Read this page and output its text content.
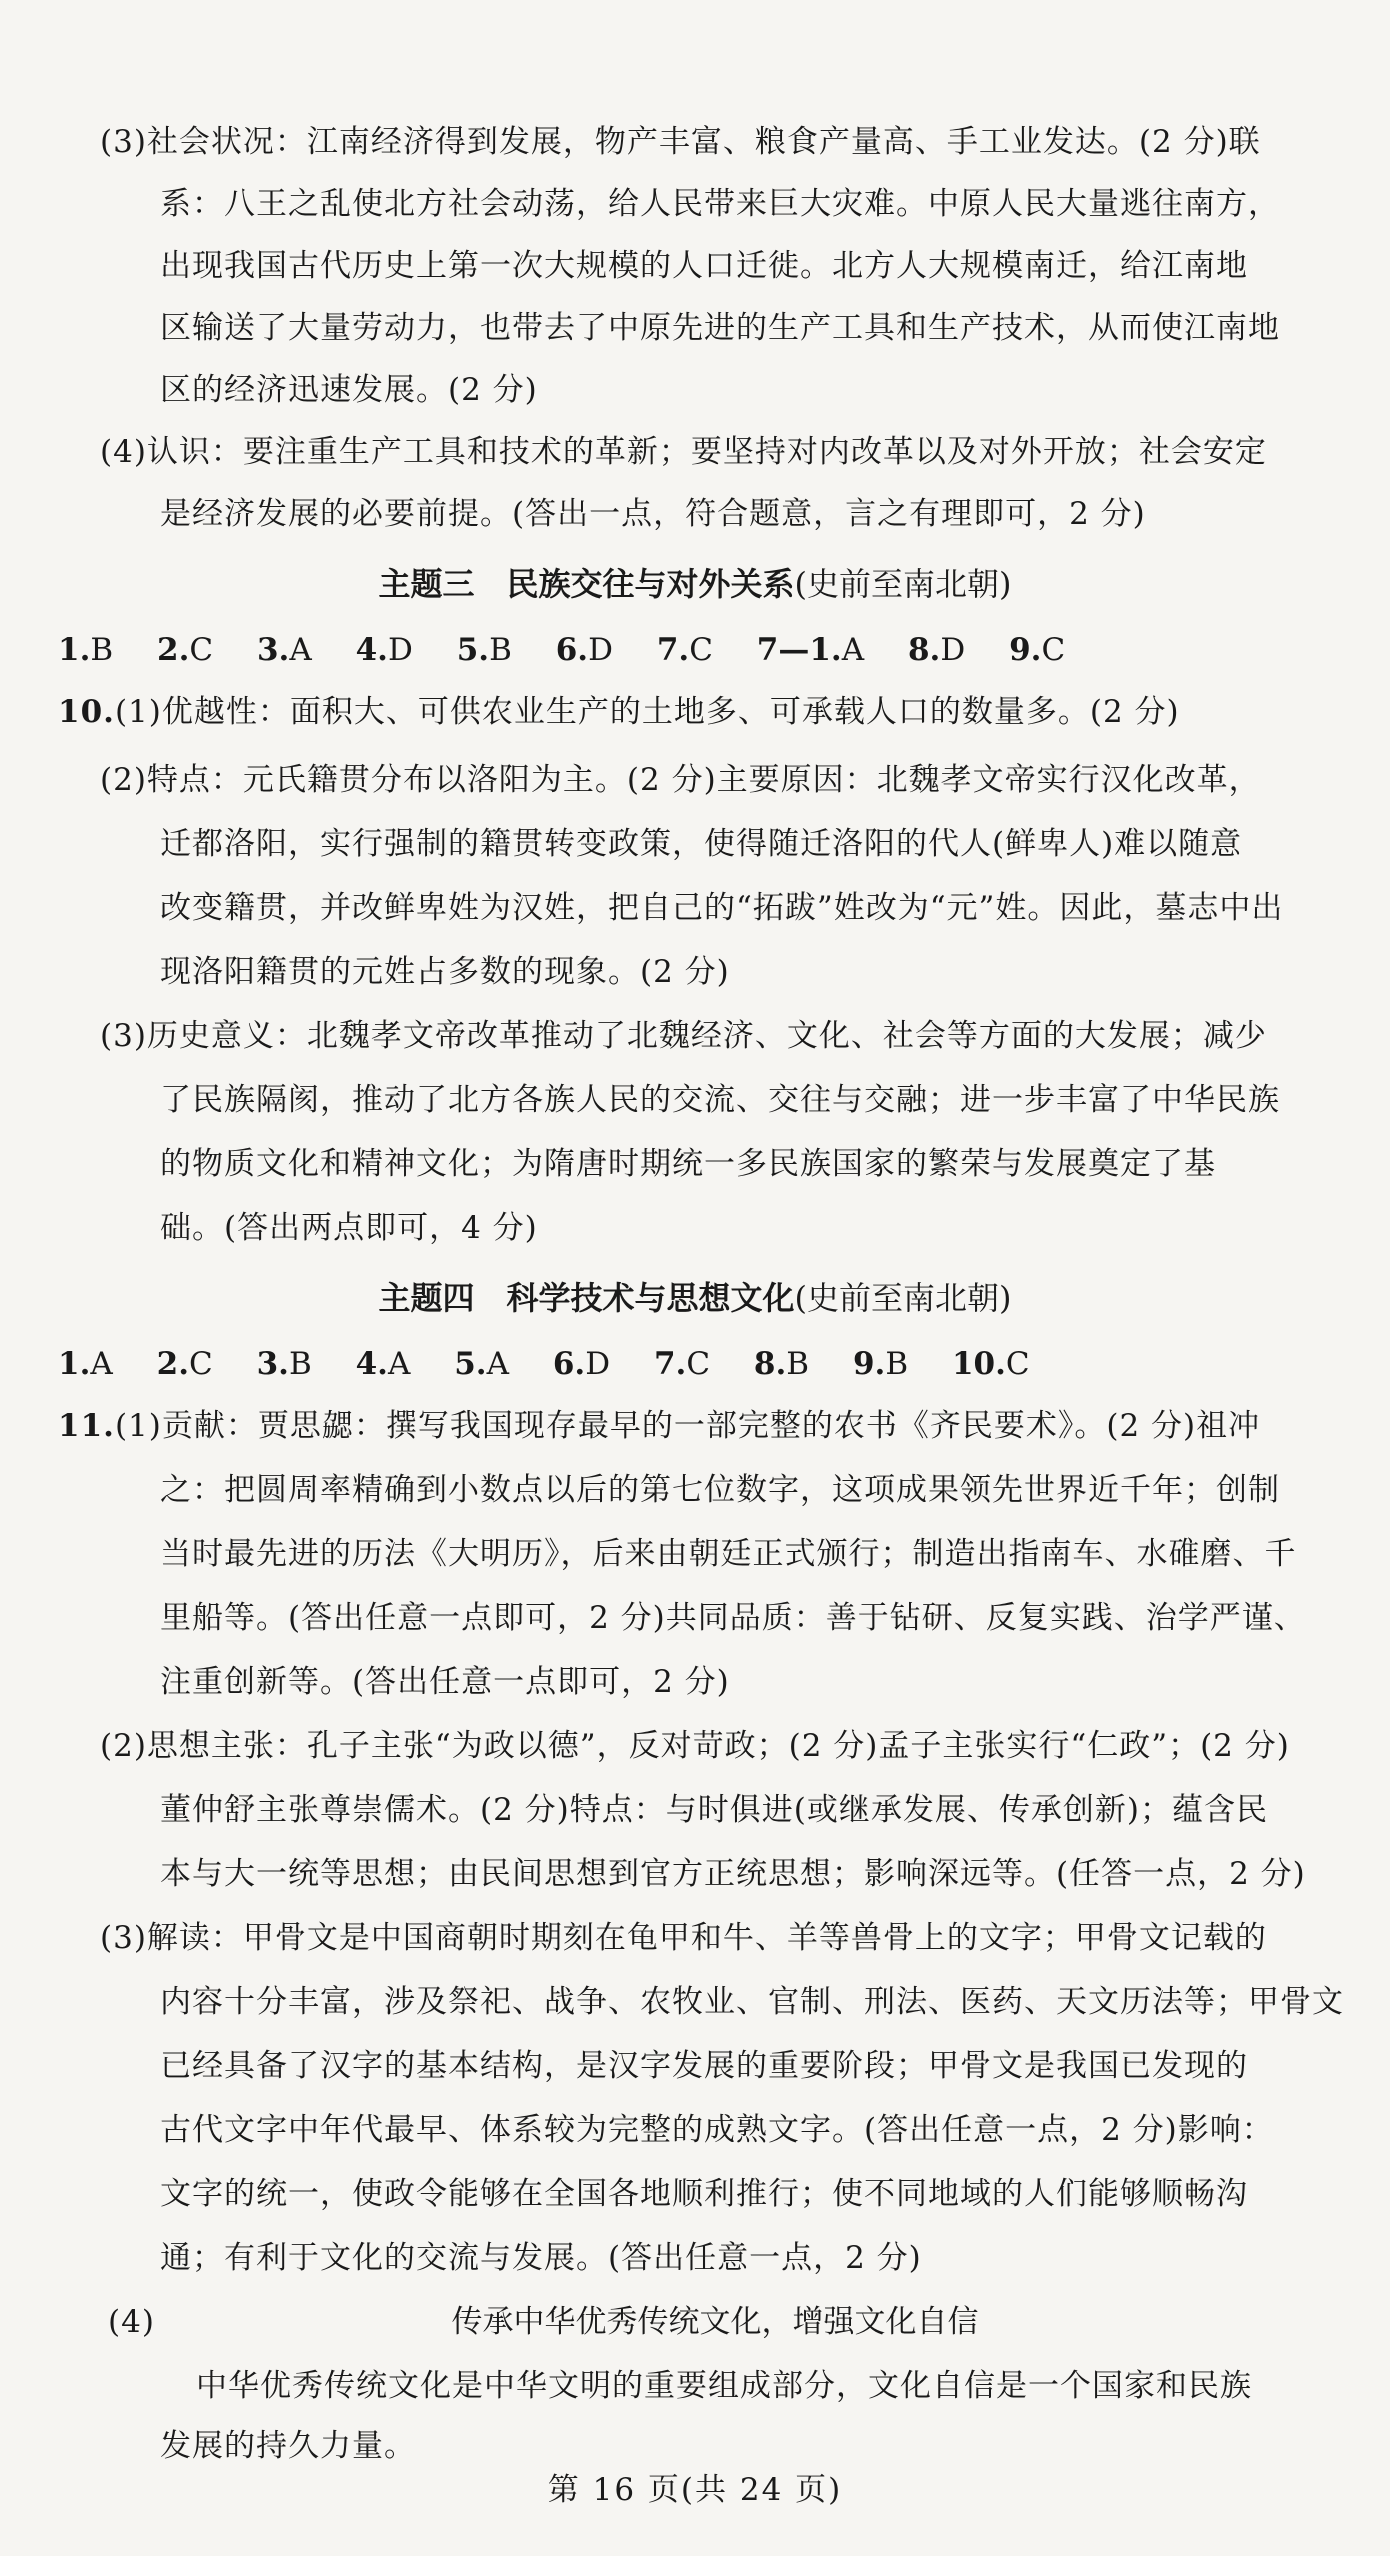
(3)社会状况：江南经济得到发展，物产丰富、粮食产量高、手工业发达。(2 分)联
系：八王之乱使北方社会动荡，给人民带来巨大灾难。中原人民大量逃往南方，
出现我国古代历史上第一次大规模的人口迁徙。北方人大规模南迁，给江南地
区输送了大量劳动力，也带去了中原先进的生产工具和生产技术，从而使江南地
区的经济迅速发展。(2 分)
(4)认识：要注重生产工具和技术的革新；要坚持对内改革以及对外开放；社会安定
是经济发展的必要前提。(答出一点，符合题意，言之有理即可，2 分)
主题三　民族交往与对外关系(史前至南北朝)
1.B 2.C 3.A 4.D 5.B 6.D 7.C 7—1.A 8.D 9.C
10.(1)优越性：面积大、可供农业生产的土地多、可承载人口的数量多。(2 分)
(2)特点：元氏籍贯分布以洛阳为主。(2 分)主要原因：北魏孝文帝实行汉化改革，
迁都洛阳，实行强制的籍贯转变政策，使得随迁洛阳的代人(鲜卑人)难以随意
改变籍贯，并改鲜卑姓为汉姓，把自己的“拓跋”姓改为“元”姓。因此，墓志中出
现洛阳籍贯的元姓占多数的现象。(2 分)
(3)历史意义：北魏孝文帝改革推动了北魏经济、文化、社会等方面的大发展；减少
了民族隔阂，推动了北方各族人民的交流、交往与交融；进一步丰富了中华民族
的物质文化和精神文化；为隋唐时期统一多民族国家的繁荣与发展奠定了基
础。(答出两点即可，4 分)
主题四　科学技术与思想文化(史前至南北朝)
1.A 2.C 3.B 4.A 5.A 6.D 7.C 8.B 9.B 10.C
11.(1)贡献：贾思勰：撰写我国现存最早的一部完整的农书《齐民要术》。(2 分)祖冲
之：把圆周率精确到小数点以后的第七位数字，这项成果领先世界近千年；创制
当时最先进的历法《大明历》，后来由朝廷正式颁行；制造出指南车、水碓磨、千
里船等。(答出任意一点即可，2 分)共同品质：善于钻研、反复实践、治学严谨、
注重创新等。(答出任意一点即可，2 分)
(2)思想主张：孔子主张“为政以德”，反对苛政；(2 分)孟子主张实行“仁政”；(2 分)
董仲舒主张尊崇儒术。(2 分)特点：与时俱进(或继承发展、传承创新)；蕴含民
本与大一统等思想；由民间思想到官方正统思想；影响深远等。(任答一点，2 分)
(3)解读：甲骨文是中国商朝时期刻在龟甲和牛、羊等兽骨上的文字；甲骨文记载的
内容十分丰富，涉及祭祀、战争、农牧业、官制、刑法、医药、天文历法等；甲骨文
已经具备了汉字的基本结构，是汉字发展的重要阶段；甲骨文是我国已发现的
古代文字中年代最早、体系较为完整的成熟文字。(答出任意一点，2 分)影响：
文字的统一，使政令能够在全国各地顺利推行；使不同地域的人们能够顺畅沟
通；有利于文化的交流与发展。(答出任意一点，2 分)
(4)	传承中华优秀传统文化，增强文化自信
中华优秀传统文化是中华文明的重要组成部分，文化自信是一个国家和民族
发展的持久力量。
第 16 页(共 24 页)
